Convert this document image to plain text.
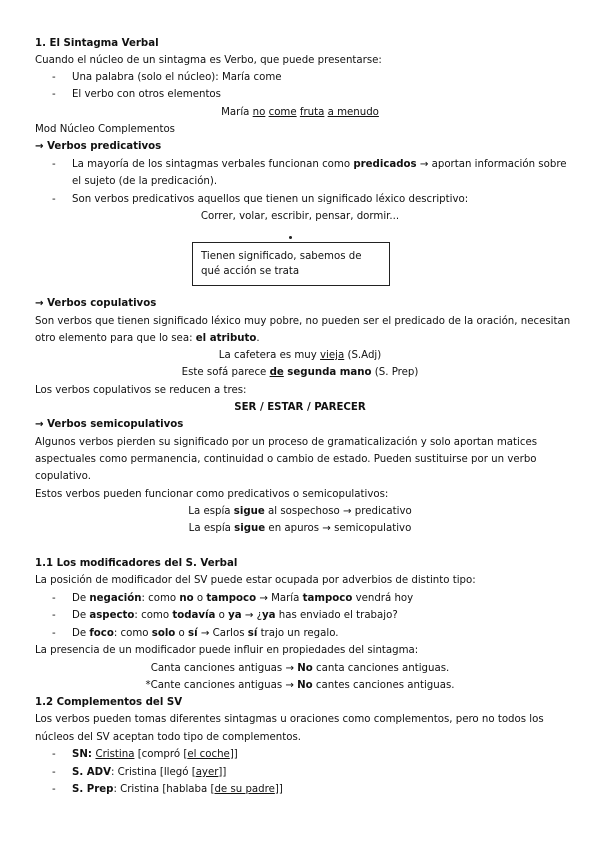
1. El Sintagma Verbal
Cuando el núcleo de un sintagma es Verbo, que puede presentarse:
- Una palabra (solo el núcleo): María come
- El verbo con otros elementos
María no come fruta a menudo
Mod Núcleo Complementos
→ Verbos predicativos
- La mayoría de los sintagmas verbales funcionan como predicados → aportan información sobre
el sujeto (de la predicación).
- Son verbos predicativos aquellos que tienen un significado léxico descriptivo:
Correr, volar, escribir, pensar, dormir...
Tienen significado, sabemos de qué acción se trata
→ Verbos copulativos
Son verbos que tienen significado léxico muy pobre, no pueden ser el predicado de la oración, necesitan
otro elemento para que lo sea: el atributo.
La cafetera es muy vieja (S.Adj)
Este sofá parece de segunda mano (S. Prep)
Los verbos copulativos se reducen a tres:
SER / ESTAR / PARECER
→ Verbos semicopulativos
Algunos verbos pierden su significado por un proceso de gramaticalización y solo aportan matices
aspectuales como permanencia, continuidad o cambio de estado. Pueden sustituirse por un verbo
copulativo.
Estos verbos pueden funcionar como predicativos o semicopulativos:
La espía sigue al sospechoso → predicativo
La espía sigue en apuros → semicopulativo
1.1 Los modificadores del S. Verbal
La posición de modificador del SV puede estar ocupada por adverbios de distinto tipo:
- De negación: como no o tampoco → María tampoco vendrá hoy
- De aspecto: como todavía o ya → ¿ya has enviado el trabajo?
- De foco: como solo o sí → Carlos sí trajo un regalo.
La presencia de un modificador puede influir en propiedades del sintagma:
Canta canciones antiguas → No canta canciones antiguas.
*Cante canciones antiguas → No cantes canciones antiguas.
1.2 Complementos del SV
Los verbos pueden tomas diferentes sintagmas u oraciones como complementos, pero no todos los
núcleos del SV aceptan todo tipo de complementos.
- SN: Cristina [compró [el coche]]
- S. ADV: Cristina [llegó [ayer]]
- S. Prep: Cristina [hablaba [de su padre]]
